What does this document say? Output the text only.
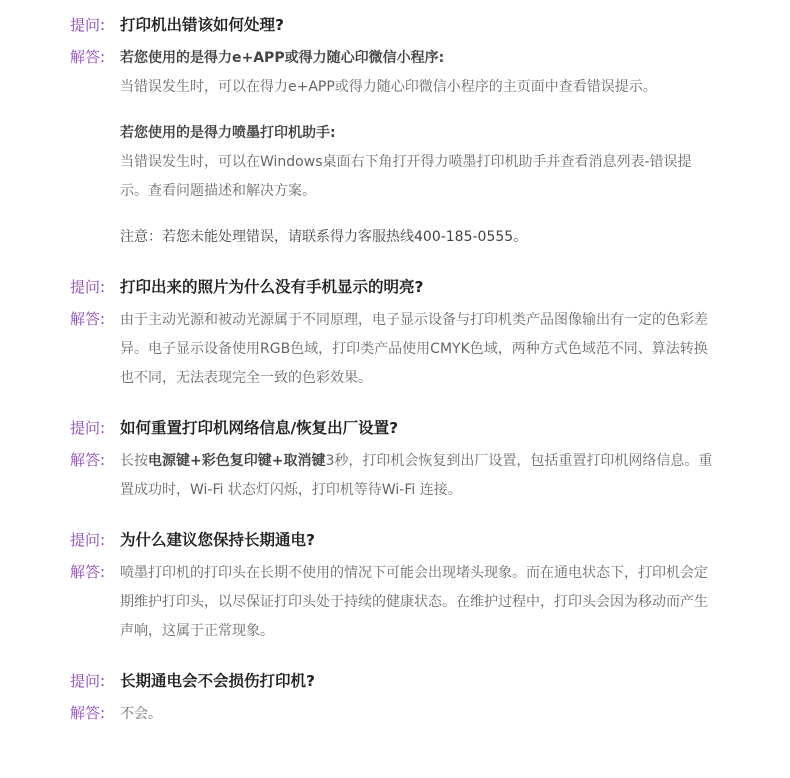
提问: 打印机出错该如何处理?
解答:	若您使用的是得力e+APP或得力随心印微信小程序:

当错误发生时，可以在得力e+APP或得力随心印微信小程序的主页面中查看错误提示。

若您使用的是得力喷墨打印机助手:

当错误发生时，可以在Windows桌面右下角打开得力喷墨打印机助手并查看消息列表-错误提示。查看问题描述和解决方案。

注意：若您未能处理错误，请联系得力客服热线400-185-0555。

提问: 打印出来的照片为什么没有手机显示的明亮?
解答:	由于主动光源和被动光源属于不同原理，电子显示设备与打印机类产品图像输出有一定的色彩差异。电子显示设备使用RGB色域，打印类产品使用CMYK色域，两种方式色域范不同、算法转换也不同，无法表现完全一致的色彩效果。
提问: 如何重置打印机网络信息/恢复出厂设置?
解答:	长按电源键+彩色复印键+取消键3秒，打印机会恢复到出厂设置，包括重置打印机网络信息。重置成功时，Wi-Fi 状态灯闪烁，打印机等待Wi-Fi 连接。
提问: 为什么建议您保持长期通电?
解答:	喷墨打印机的打印头在长期不使用的情况下可能会出现堵头现象。而在通电状态下，打印机会定期维护打印头，以尽保证打印头处于持续的健康状态。在维护过程中，打印头会因为移动而产生声响，这属于正常现象。
提问: 长期通电会不会损伤打印机?
解答:	不会。
